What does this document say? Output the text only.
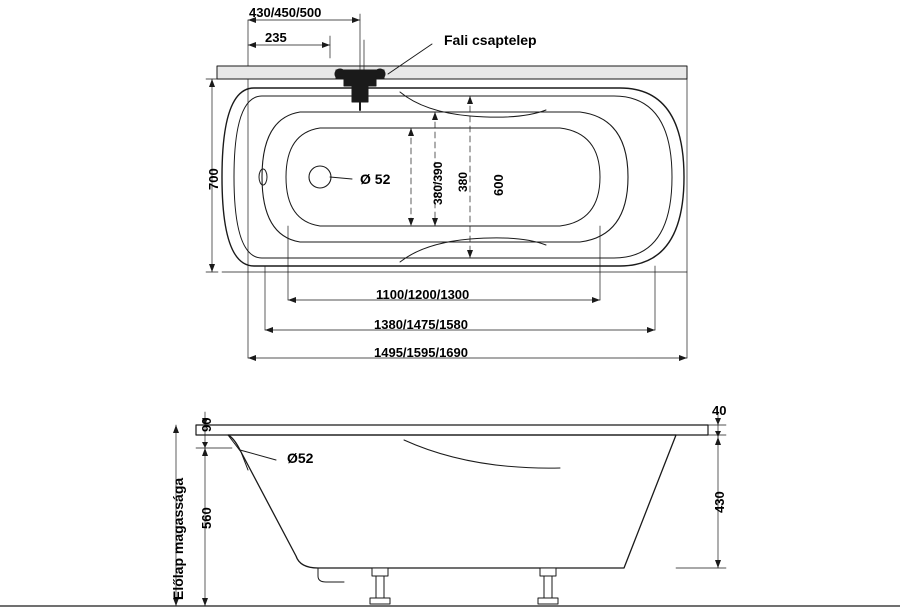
430/450/500
235	Fali csaptelep
700	Ø 52	380/390 380 600
1100/1200/1300
1380/1475/1580
1495/1595/1690
90
40
Ø52
560
430
Előlap magassága
